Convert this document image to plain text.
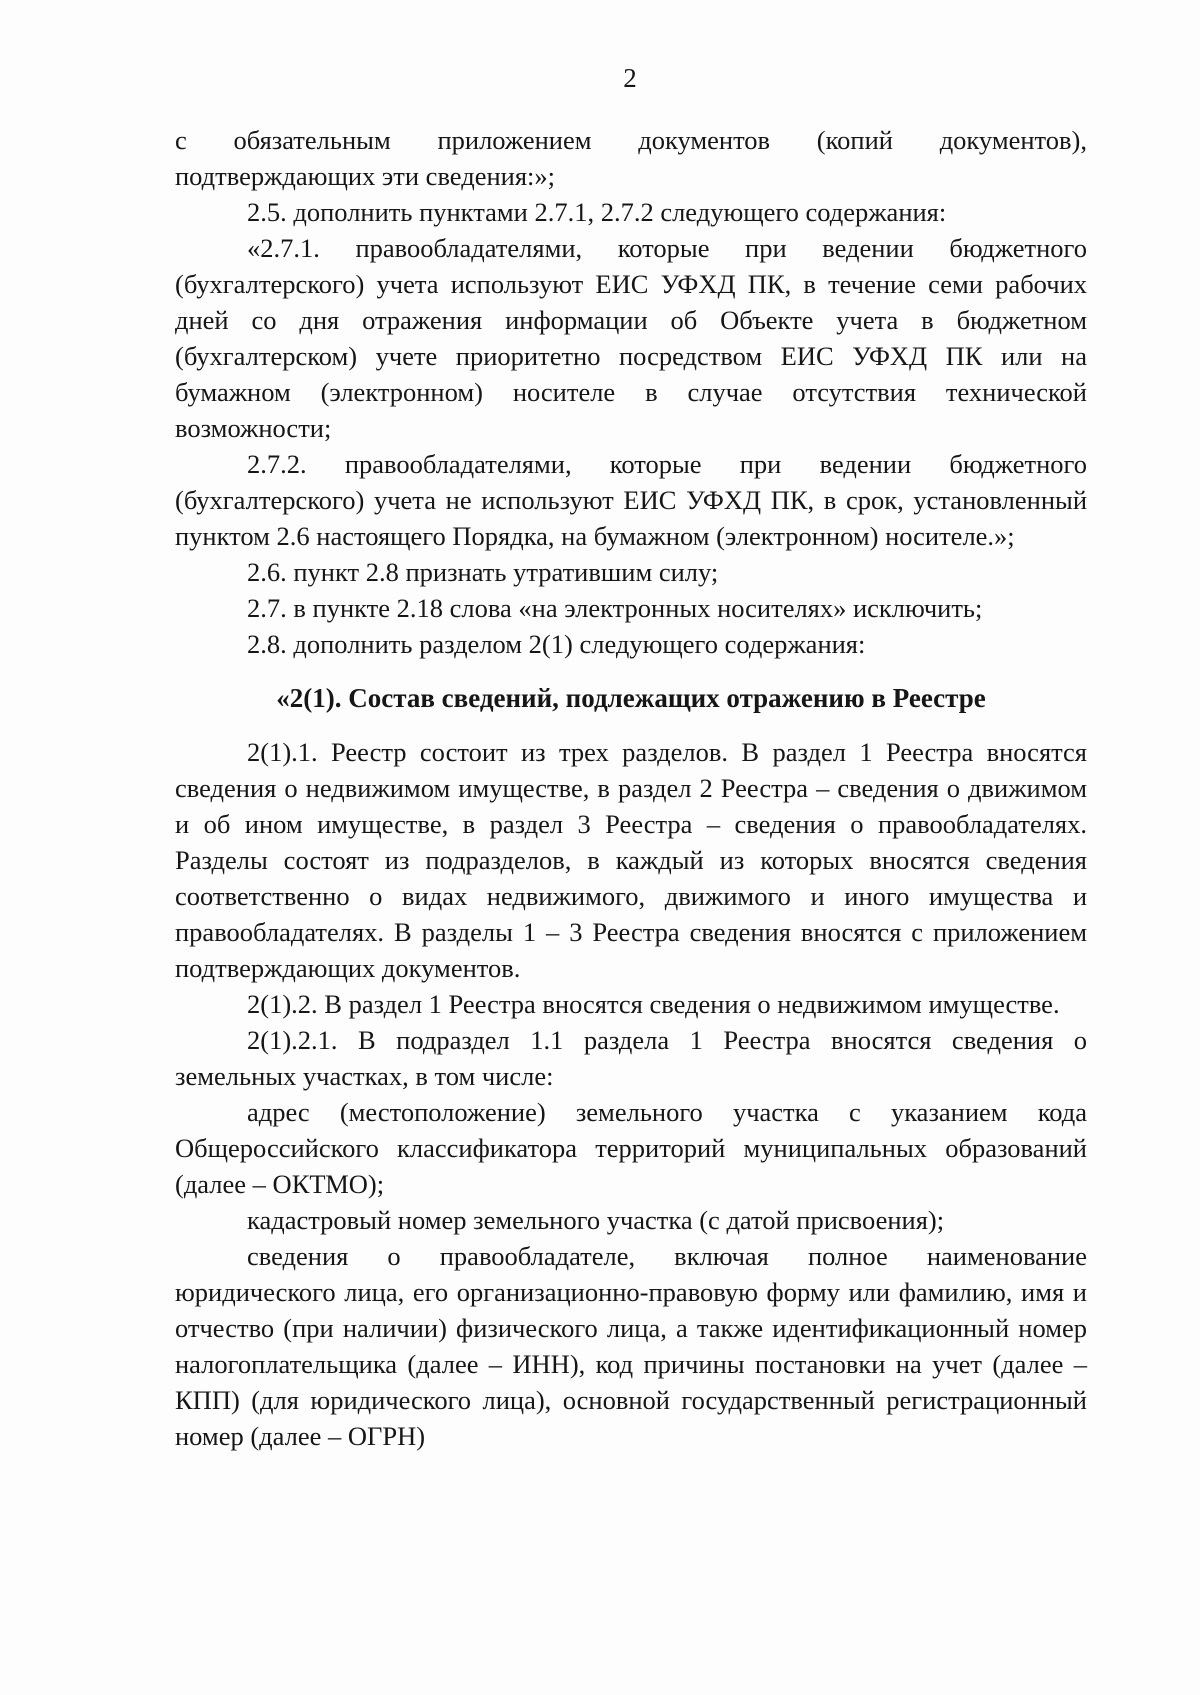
2

с обязательным приложением документов (копий документов), подтверждающих эти сведения:»;

2.5. дополнить пунктами 2.7.1, 2.7.2 следующего содержания:

«2.7.1. правообладателями, которые при ведении бюджетного (бухгалтерского) учета используют ЕИС УФХД ПК, в течение семи рабочих дней со дня отражения информации об Объекте учета в бюджетном (бухгалтерском) учете приоритетно посредством ЕИС УФХД ПК или на бумажном (электронном) носителе в случае отсутствия технической возможности;

2.7.2. правообладателями, которые при ведении бюджетного (бухгалтерского) учета не используют ЕИС УФХД ПК, в срок, установленный пунктом 2.6 настоящего Порядка, на бумажном (электронном) носителе.»;

2.6. пункт 2.8 признать утратившим силу;

2.7. в пункте 2.18 слова «на электронных носителях» исключить;

2.8. дополнить разделом 2(1) следующего содержания:

«2(1). Состав сведений, подлежащих отражению в Реестре

2(1).1. Реестр состоит из трех разделов. В раздел 1 Реестра вносятся сведения о недвижимом имуществе, в раздел 2 Реестра – сведения о движимом и об ином имуществе, в раздел 3 Реестра – сведения о правообладателях. Разделы состоят из подразделов, в каждый из которых вносятся сведения соответственно о видах недвижимого, движимого и иного имущества и правообладателях. В разделы 1 – 3 Реестра сведения вносятся с приложением подтверждающих документов.

2(1).2. В раздел 1 Реестра вносятся сведения о недвижимом имуществе.

2(1).2.1. В подраздел 1.1 раздела 1 Реестра вносятся сведения о земельных участках, в том числе:

адрес (местоположение) земельного участка с указанием кода Общероссийского классификатора территорий муниципальных образований (далее – ОКТМО);

кадастровый номер земельного участка (с датой присвоения);

сведения о правообладателе, включая полное наименование юридического лица, его организационно-правовую форму или фамилию, имя и отчество (при наличии) физического лица, а также идентификационный номер налогоплательщика (далее – ИНН), код причины постановки на учет (далее – КПП) (для юридического лица), основной государственный регистрационный номер (далее – ОГРН)
